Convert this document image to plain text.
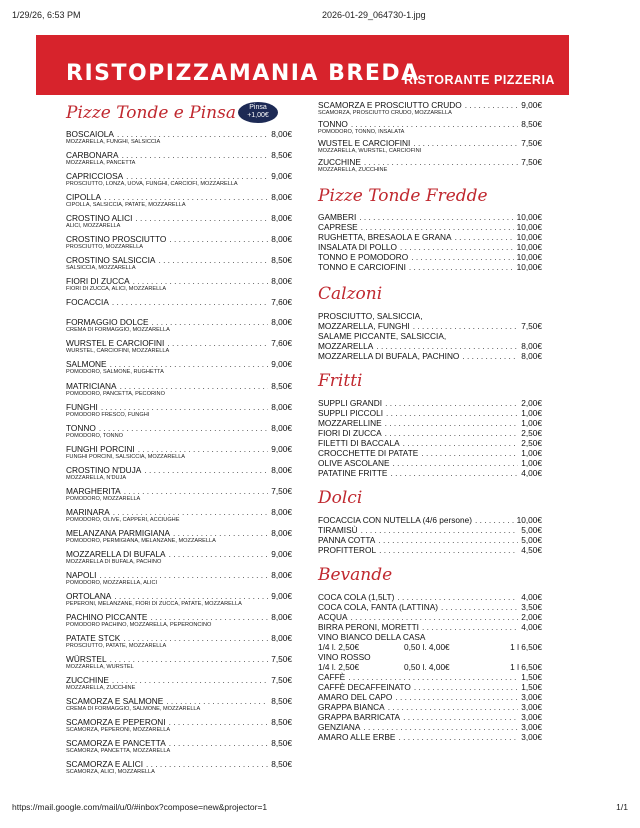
1/29/26, 6:53 PM	2026-01-29_064730-1.jpg
RISTOPIZZAMANIA BREDA
RISTORANTE PIZZERIA
Pizze Tonde e Pinsa	Pinsa
+1,00€
BOSCAIOLA . . .	8,00€
MOZZARELLA, FUNGHI, SALSICCIA
CARBONARA . . .	8,50€
MOZZARELLA, PANCETTA
CAPRICCIOSA . . .	9,00€
PROSCIUTTO, LONZA, UOVA, FUNGHI, CARCIOFI, MOZZARELLA
CIPOLLA . . .	8,00€
CIPOLLA, SALSICCIA, PATATE, MOZZARELLA
CROSTINO ALICI . . .	8,00€
ALICI, MOZZARELLA
CROSTINO PROSCIUTTO . . .	8,00€
PROSCIUTTO, MOZZARELLA
CROSTINO SALSICCIA . . .	8,50€
SALSICCIA, MOZZARELLA
FIORI DI ZUCCA . . .	8,00€
FIORI DI ZUCCA, ALICI, MOZZARELLA
FOCACCIA . . .	7,60€
FORMAGGIO DOLCE . . .	8,00€
CREMA DI FORMAGGIO, MOZZARELLA
WURSTEL E CARCIOFINI . . .	7,60€
WURSTEL, CARCIOFINI, MOZZARELLA
SALMONE . . .	9,00€
POMODORO, SALMONE, RUGHETTA
MATRICIANA . . .	8,50€
POMODORO, PANCETTA, PECORINO
FUNGHI . . .	8,00€
POMODORO FRESCO, FUNGHI
TONNO . . .	8,00€
POMODORO, TONNO
FUNGHI PORCINI . . .	9,00€
FUNGHI PORCINI, SALSICCIA, MOZZARELLA
CROSTINO N'DUJA . . .	8,00€
MOZZARELLA, N'DUJA
MARGHERITA . . .	7,50€
POMODORO, MOZZARELLA
MARINARA . . .	8,00€
POMODORO, OLIVE, CAPPERI, ACCIUGHE
MELANZANA PARMIGIANA . . .	8,00€
POMODORO, PERMIGIANA, MELANZANE, MOZZARELLA
MOZZARELLA DI BUFALA . . .	9,00€
MOZZARELLA DI BUFALA, PACHINO
NAPOLI . . .	8,00€
POMODORO, MOZZARELLA, ALICI
ORTOLANA . . .	9,00€
PEPERONI, MELANZANE, FIORI DI ZUCCA, PATATE, MOZZARELLA
PACHINO PICCANTE . . .	8,00€
POMODORO PACHINO, MOZZARELLA, PEPERONCINO
PATATE STCK . . .	8,00€
PROSCIUTTO, PATATE, MOZZARELLA
WÜRSTEL . . .	7,50€
MOZZARELLA, WURSTEL
ZUCCHINE . . .	7,50€
MOZZARELLA, ZUCCHINE
SCAMORZA E SALMONE . . .	8,50€
CREMA DI FORMAGGIO, SALMONE, MOZZARELLA
SCAMORZA E PEPERONI . . .	8,50€
SCAMORZA, PEPERONI, MOZZARELLA
SCAMORZA E PANCETTA . . .	8,50€
SCAMORZA, PANCETTA, MOZZARELLA
SCAMORZA E ALICI . . .	8,50€
SCAMORZA, ALICI, MOZZARELLA
SCAMORZA E PROSCIUTTO CRUDO . . .	9,00€
SCAMORZA, PROSCIUTTO CRUDO, MOZZARELLA
TONNO . . .	8,50€
POMODORO, TONNO, INSALATA
WUSTEL E CARCIOFINI . . .	7,50€
MOZZARELLA, WURSTEL, CARCIOFINI
ZUCCHINE . . .	7,50€
MOZZARELLA, ZUCCHINE
Pizze Tonde Fredde
GAMBERI . . .	10,00€
CAPRESE . . .	10,00€
RUGHETTA, BRESAOLA E GRANA . . .	10,00€
INSALATA DI POLLO . . .	10,00€
TONNO E POMODORO . . .	10,00€
TONNO E CARCIOFINI . . .	10,00€
Calzoni
PROSCIUTTO, SALSICCIA,
MOZZARELLA, FUNGHI . . .	7,50€
SALAME PICCANTE, SALSICCIA,
MOZZARELLA . . .	8,00€
MOZZARELLA DI BUFALA, PACHINO . . .	8,00€
Fritti
SUPPLI GRANDI . . .	2,00€
SUPPLI PICCOLI . . .	1,00€
MOZZARELLINE . . .	1,00€
FIORI DI ZUCCA . . .	2,50€
FILETTI DI BACCALA . . .	2,50€
CROCCHETTE DI PATATE . . .	1,00€
OLIVE ASCOLANE . . .	1,00€
PATATINE FRITTE . . .	4,00€
Dolci
FOCACCIA CON NUTELLA (4/6 persone) . . .	10,00€
TIRAMISÙ . . .	5,00€
PANNA COTTA . . .	5,00€
PROFITTEROL . . .	4,50€
Bevande
COCA COLA (1,5LT) . . .	4,00€
COCA COLA, FANTA (LATTINA) . . .	3,50€
ACQUA . . .	2,00€
BIRRA PERONI, MORETTI . . .	4,00€
VINO BIANCO DELLA CASA
1/4 l. 2,50€	0,50 l. 4,00€	1 l 6,50€
VINO ROSSO
1/4 l. 2,50€	0,50 l. 4,00€	1 l 6,50€
CAFFÈ . . .	1,50€
CAFFÈ DECAFFEINATO . . .	1,50€
AMARO DEL CAPO . . .	3,00€
GRAPPA BIANCA . . .	3,00€
GRAPPA BARRICATA . . .	3,00€
GENZIANA . . .	3,00€
AMARO ALLE ERBE . . .	3,00€
https://mail.google.com/mail/u/0/#inbox?compose=new&projector=1	1/1
